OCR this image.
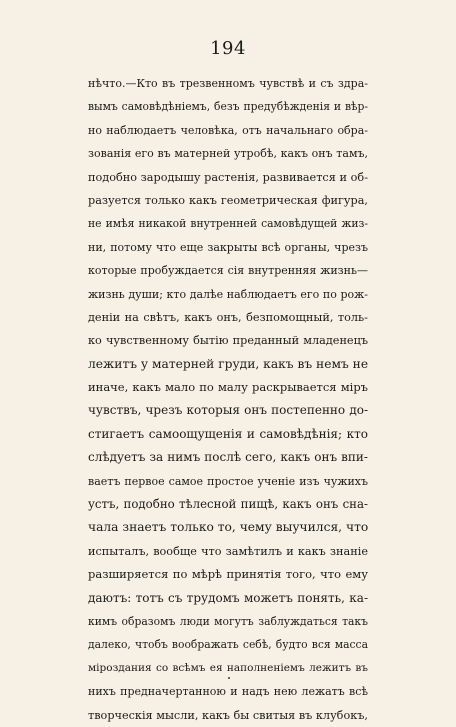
194
нѣчто.—Кто въ трезвенномъ чувствѣ и съ здра-
вымъ самовѣдѣніемъ, безъ предубѣжденія и вѣр-
но наблюдаетъ человѣка, отъ начальнаго обра-
зованія его въ матерней утробѣ, какъ онъ тамъ,
подобно зародышу растенія, развивается и об-
разуется только какъ геометрическая фигура,
не имѣя никакой внутренней самовѣдущей жиз-
ни, потому что еще закрыты всѣ органы, чрезъ
которые пробуждается сія внутренняя жизнь—
жизнь души; кто далѣе наблюдаетъ его по рож-
деніи на свѣтъ, какъ онъ, безпомощный, толь-
ко чувственному бытію преданный младенецъ
лежитъ у матерней груди, какъ въ немъ не
иначе, какъ мало по малу раскрывается міръ
чувствъ, чрезъ которыя онъ постепенно до-
стигаетъ самоощущенія и самовѣдѣнія; кто
слѣдуетъ за нимъ послѣ сего, какъ онъ впи-
ваетъ первое самое простое ученіе изъ чужихъ
устъ, подобно тѣлесной пищѣ, какъ онъ сна-
чала знаетъ только то, чему выучился, что
испыталъ, вообще что замѣтилъ и какъ знаніе
разширяется по мѣрѣ принятія того, что ему
даютъ: тотъ съ трудомъ можетъ понять, ка-
кимъ образомъ люди могутъ заблуждаться такъ
далеко, чтобъ воображать себѣ, будто вся масса
міроздания со всѣмъ ея наполненіемъ лежитъ въ
нихъ предначертанною и надъ нею лежатъ всѣ
творческія мысли, какъ бы свитыя въ клубокъ,
